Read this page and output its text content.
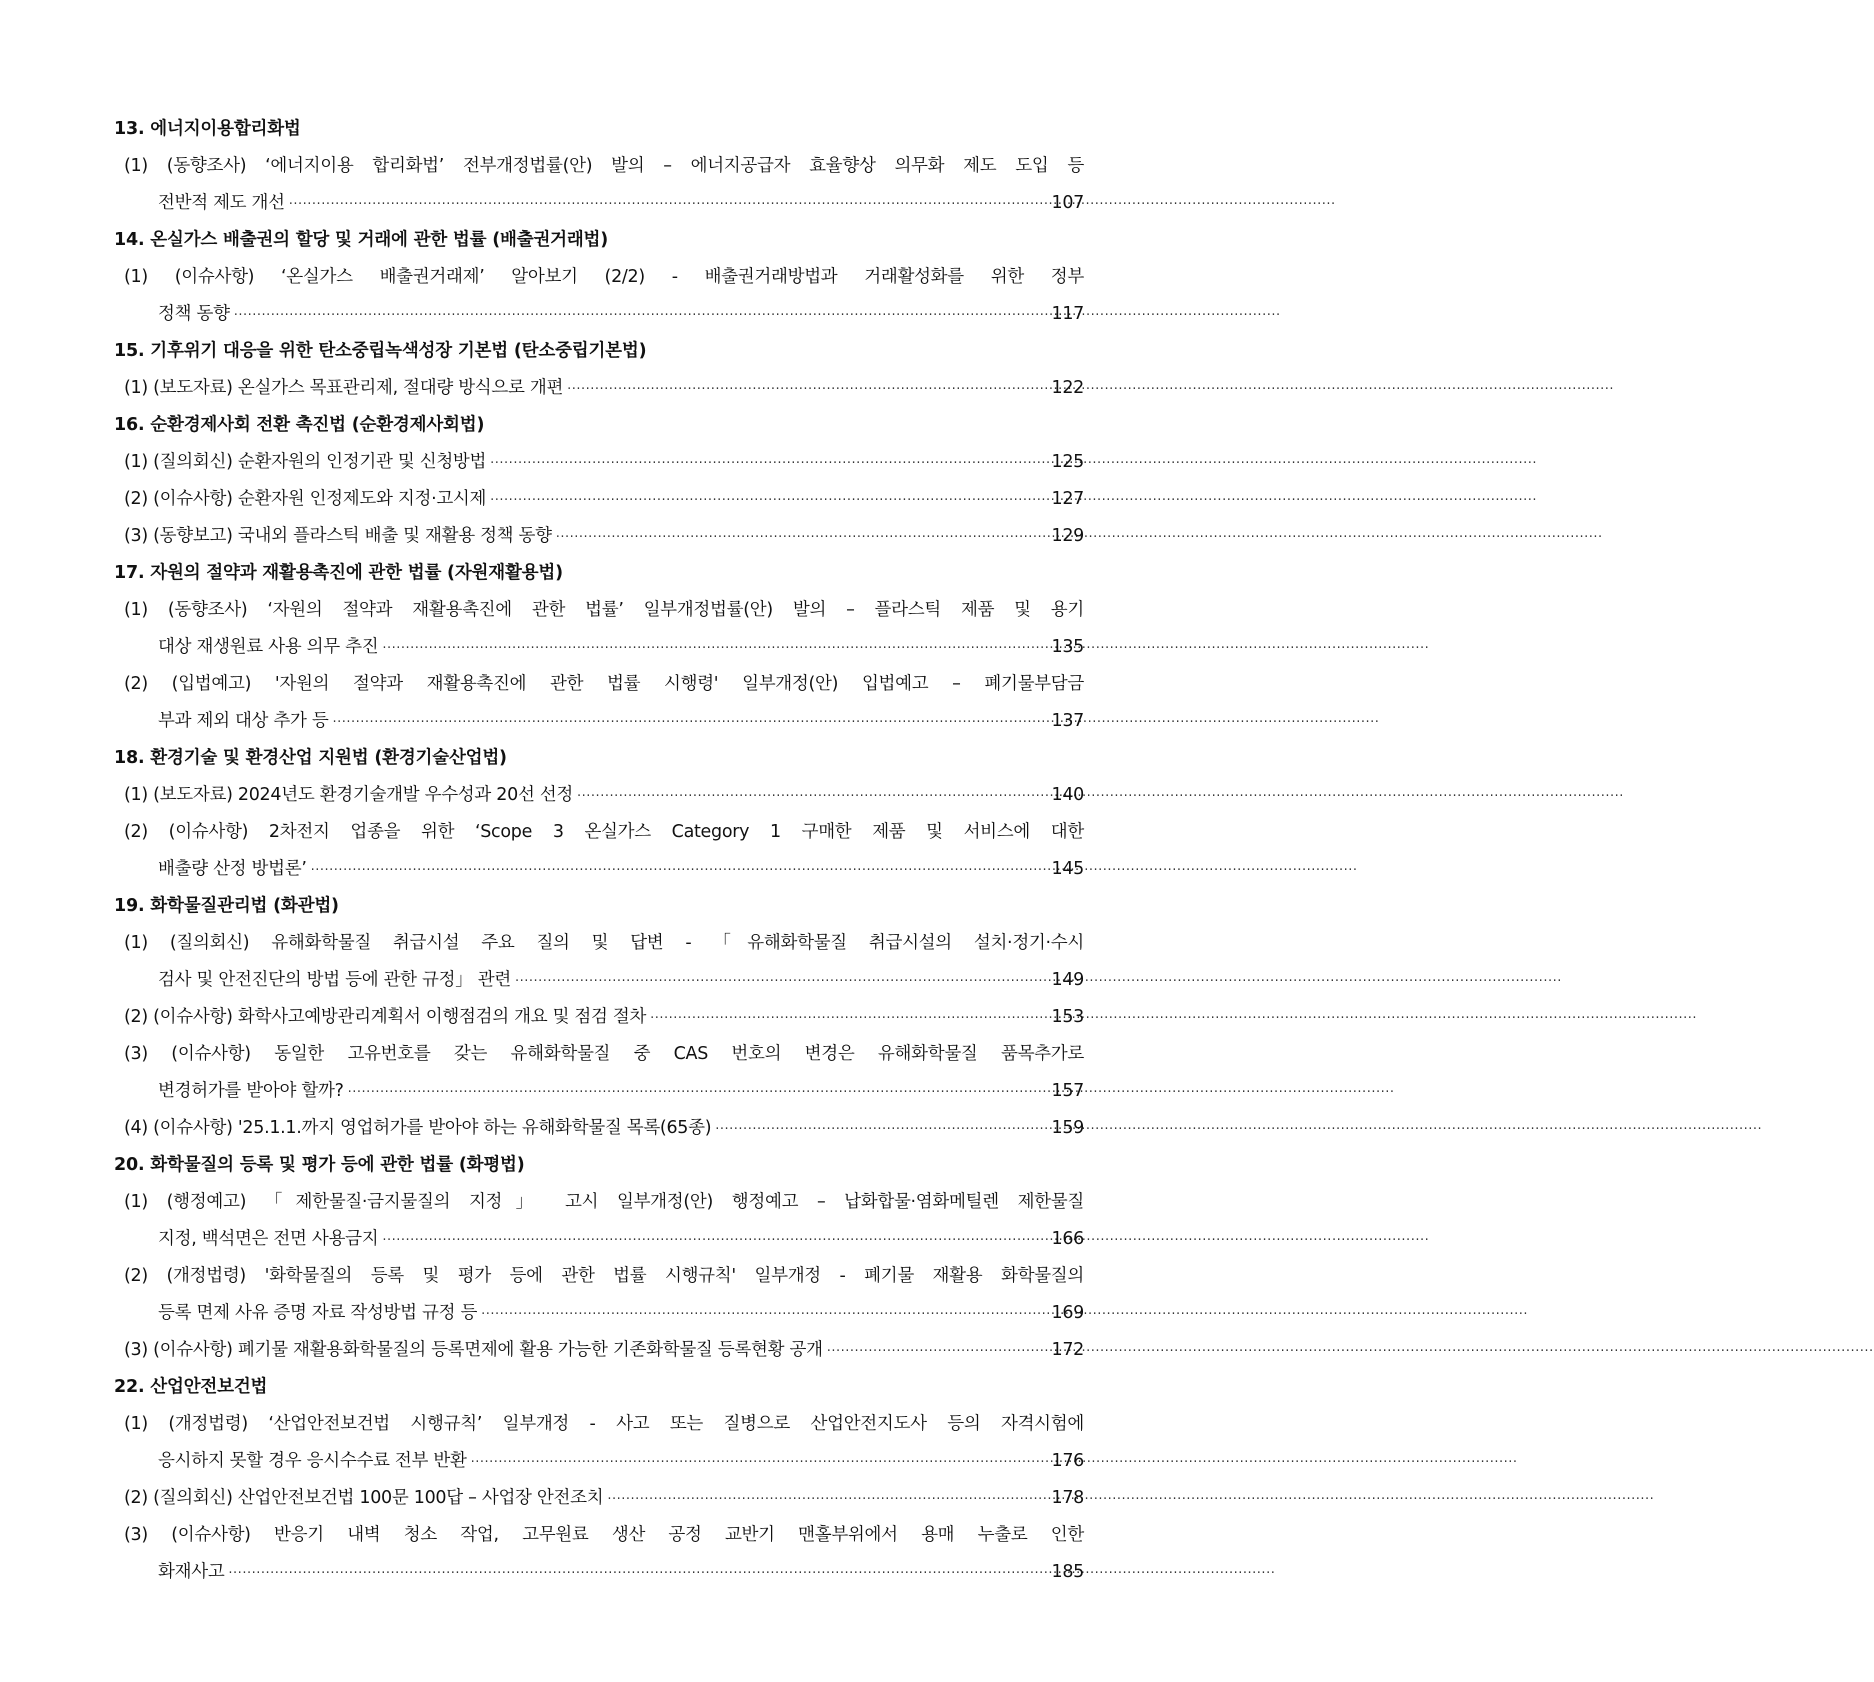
13. 에너지이용합리화법
(1) (동향조사) ‘에너지이용 합리화법’ 전부개정법률(안) 발의 – 에너지공급자 효율향상 의무화 제도 도입 등
전반적 제도 개선 ·····	107
14. 온실가스 배출권의 할당 및 거래에 관한 법률 (배출권거래법)
(1) (이슈사항) ‘온실가스 배출권거래제’ 알아보기 (2/2) - 배출권거래방법과 거래활성화를 위한 정부
정책 동향 ·····	117
15. 기후위기 대응을 위한 탄소중립녹색성장 기본법 (탄소중립기본법)
(1) (보도자료) 온실가스 목표관리제, 절대량 방식으로 개편 ·····	122
16. 순환경제사회 전환 촉진법 (순환경제사회법)
(1) (질의회신) 순환자원의 인정기관 및 신청방법 ·····	125
(2) (이슈사항) 순환자원 인정제도와 지정·고시제 ·····	127
(3) (동향보고) 국내외 플라스틱 배출 및 재활용 정책 동향 ·····	129
17. 자원의 절약과 재활용촉진에 관한 법률 (자원재활용법)
(1) (동향조사) ‘자원의 절약과 재활용촉진에 관한 법률’ 일부개정법률(안) 발의 – 플라스틱 제품 및 용기
대상 재생원료 사용 의무 추진 ·····	135
(2) (입법예고) '자원의 절약과 재활용촉진에 관한 법률 시행령' 일부개정(안) 입법예고 – 폐기물부담금
부과 제외 대상 추가 등 ·····	137
18. 환경기술 및 환경산업 지원법 (환경기술산업법)
(1) (보도자료) 2024년도 환경기술개발 우수성과 20선 선정 ·····	140
(2) (이슈사항) 2차전지 업종을 위한 ‘Scope 3 온실가스 Category 1 구매한 제품 및 서비스에 대한
배출량 산정 방법론’ ·····	145
19. 화학물질관리법 (화관법)
(1) (질의회신) 유해화학물질 취급시설 주요 질의 및 답변 - 「유해화학물질 취급시설의 설치·정기·수시
검사 및 안전진단의 방법 등에 관한 규정」 관련 ·····	149
(2) (이슈사항) 화학사고예방관리계획서 이행점검의 개요 및 점검 절차 ·····	153
(3) (이슈사항) 동일한 고유번호를 갖는 유해화학물질 중 CAS 번호의 변경은 유해화학물질 품목추가로
변경허가를 받아야 할까? ·····	157
(4) (이슈사항) '25.1.1.까지 영업허가를 받아야 하는 유해화학물질 목록(65종) ·····	159
20. 화학물질의 등록 및 평가 등에 관한 법률 (화평법)
(1) (행정예고) 「제한물질·금지물질의 지정」 고시 일부개정(안) 행정예고 – 납화합물·염화메틸렌 제한물질
지정, 백석면은 전면 사용금지 ·····	166
(2) (개정법령) '화학물질의 등록 및 평가 등에 관한 법률 시행규칙' 일부개정 - 폐기물 재활용 화학물질의
등록 면제 사유 증명 자료 작성방법 규정 등 ·····	169
(3) (이슈사항) 폐기물 재활용화학물질의 등록면제에 활용 가능한 기존화학물질 등록현황 공개 ·····	172
22. 산업안전보건법
(1) (개정법령) ‘산업안전보건법 시행규칙’ 일부개정 - 사고 또는 질병으로 산업안전지도사 등의 자격시험에
응시하지 못할 경우 응시수수료 전부 반환 ·····	176
(2) (질의회신) 산업안전보건법 100문 100답 – 사업장 안전조치 ·····	178
(3) (이슈사항) 반응기 내벽 청소 작업, 고무원료 생산 공정 교반기 맨홀부위에서 용매 누출로 인한
화재사고 ·····	185
